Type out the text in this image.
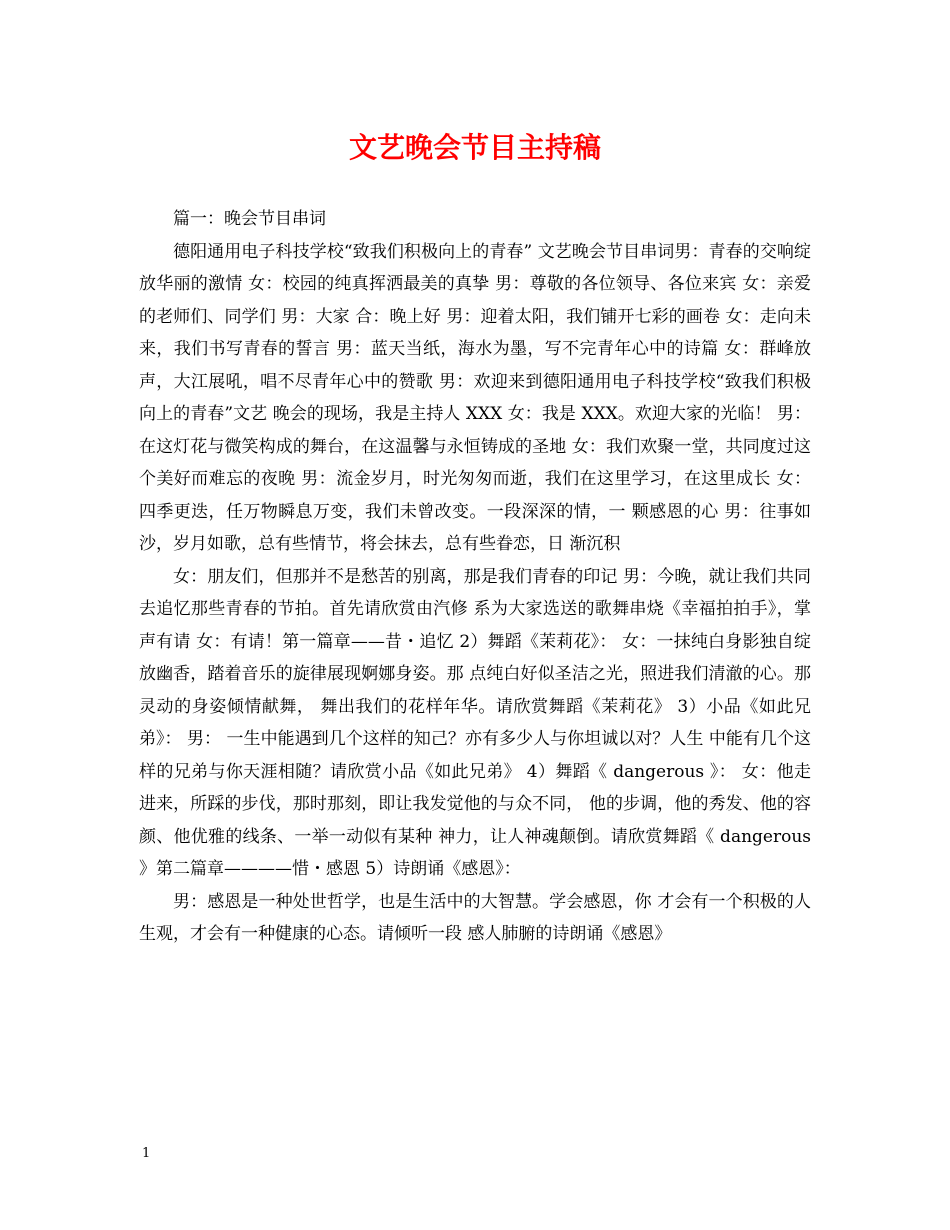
文艺晚会节目主持稿

篇一：晚会节目串词

德阳通用电子科技学校“致我们积极向上的青春” 文艺晚会节目串词男：青春的交响绽放华丽的激情 女：校园的纯真挥洒最美的真挚 男：尊敬的各位领导、各位来宾 女：亲爱的老师们、同学们 男：大家 合：晚上好 男：迎着太阳，我们铺开七彩的画卷 女：走向未来，我们书写青春的誓言 男：蓝天当纸，海水为墨，写不完青年心中的诗篇 女：群峰放声，大江展吼，唱不尽青年心中的赞歌 男：欢迎来到德阳通用电子科技学校“致我们积极向上的青春”文艺 晚会的现场，我是主持人 XXX 女：我是 XXX。欢迎大家的光临！ 男：在这灯花与微笑构成的舞台，在这温馨与永恒铸成的圣地 女：我们欢聚一堂，共同度过这个美好而难忘的夜晚 男：流金岁月，时光匆匆而逝，我们在这里学习，在这里成长 女：四季更迭，任万物瞬息万变，我们未曾改变。一段深深的情，一 颗感恩的心 男：往事如沙，岁月如歌，总有些情节，将会抹去，总有些眷恋，日 渐沉积

女：朋友们，但那并不是愁苦的别离，那是我们青春的印记 男：今晚，就让我们共同去追忆那些青春的节拍。首先请欣赏由汽修 系为大家选送的歌舞串烧《幸福拍拍手》，掌声有请 女：有请！第一篇章——昔・追忆 2）舞蹈《茉莉花》： 女：一抹纯白身影独自绽放幽香，踏着音乐的旋律展现婀娜身姿。那 点纯白好似圣洁之光，照进我们清澈的心。那灵动的身姿倾情献舞， 舞出我们的花样年华。请欣赏舞蹈《茉莉花》 3）小品《如此兄弟》： 男： 一生中能遇到几个这样的知己？亦有多少人与你坦诚以对？人生 中能有几个这样的兄弟与你天涯相随？请欣赏小品《如此兄弟》 4）舞蹈《 dangerous 》： 女：他走进来，所踩的步伐，那时那刻，即让我发觉他的与众不同， 他的步调，他的秀发、他的容颜、他优雅的线条、一举一动似有某种 神力，让人神魂颠倒。请欣赏舞蹈《 dangerous 》第二篇章————惜・感恩 5）诗朗诵《感恩》：

男：感恩是一种处世哲学，也是生活中的大智慧。学会感恩，你 才会有一个积极的人生观，才会有一种健康的心态。请倾听一段 感人肺腑的诗朗诵《感恩》

1
